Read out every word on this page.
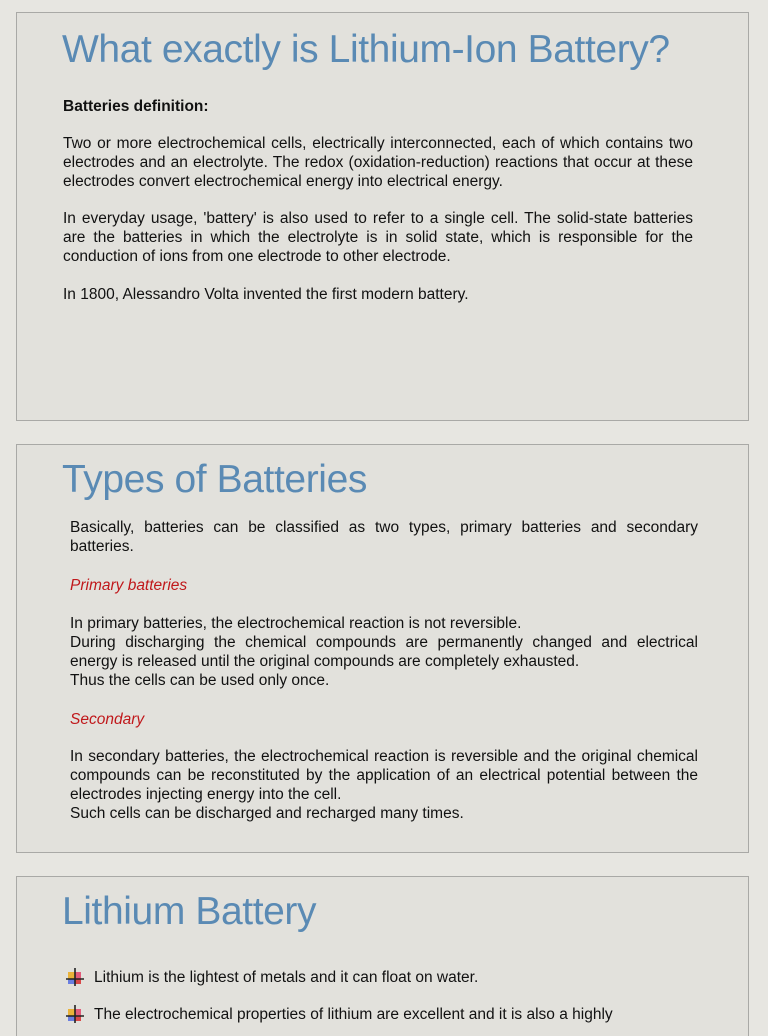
What exactly is Lithium-Ion Battery?

Batteries definition:

Two or more electrochemical cells, electrically interconnected, each of which contains two electrodes and an electrolyte. The redox (oxidation-reduction) reactions that occur at these electrodes convert electrochemical energy into electrical energy.

In everyday usage, 'battery' is also used to refer to a single cell. The solid-state batteries are the batteries in which the electrolyte is in solid state, which is responsible for the conduction of ions from one electrode to other electrode.

In 1800, Alessandro Volta invented the first modern battery.

Types of Batteries

Basically, batteries can be classified as two types, primary batteries and secondary batteries.

Primary batteries

In primary batteries, the electrochemical reaction is not reversible.
During discharging the chemical compounds are permanently changed and electrical energy is released until the original compounds are completely exhausted.
Thus the cells can be used only once.

Secondary

In secondary batteries, the electrochemical reaction is reversible and the original chemical compounds can be reconstituted by the application of an electrical potential between the electrodes injecting energy into the cell.
Such cells can be discharged and recharged many times.
Lithium Battery
Lithium is the lightest of metals and it can float on water.
The electrochemical properties of lithium are excellent and it is also a highly
